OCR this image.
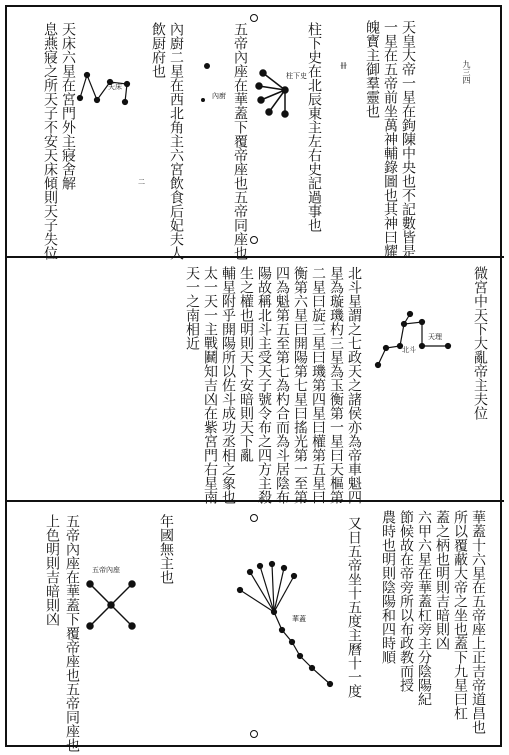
天皇大帝一星在鉤陳中央也不記數皆是
一星在五帝前坐萬神輔錄圖也其神曰耀
魄寳主御羣靈也	九三四
卌
柱下史在北辰東主左右史記過事也
五帝內座在華蓋下覆帝座也五帝同座也
內廚二星在西北角主六宮飲食后妃夫人
飲厨府也
天床六星在宮門外主寢舍解
息燕寢之所天子不安天床傾則天子失位	柱下史
內廚
天床
二
微宮中天下大亂帝主夫位
北斗星謂之七政天之諸侯亦為帝車魁四
星為璇璣杓三星為玉衡第一星曰天樞第
二星曰旋三星曰璣第四星曰權第五星曰
衡第六星曰開陽第七星曰搖光第一至第
四為魁第五至第七為杓合而為斗居陰布
陽故稱北斗主受天子號令布之四方主殺
生之權也明則天下安暗則天下亂
輔星附乎開陽所以佐斗成功丞相之象也
太一天一主戰鬭知吉凶在紫宮門右星南
天一之南相近	北斗
天理
華蓋十六星在五帝座上正吉帝道昌也
所以覆蔽大帝之坐也蓋下九星曰杠
蓋之柄也明則吉暗則凶
六甲六星在華蓋杠旁主分陰陽紀
節候故在帝旁所以布政教而授
農時也明則陰陽和四時順
年國無主也
五帝內座在華蓋下覆帝座也五帝同座也
上色明則吉暗則凶	又日五帝坐十五度主曆十一度
華蓋
五帝內座
